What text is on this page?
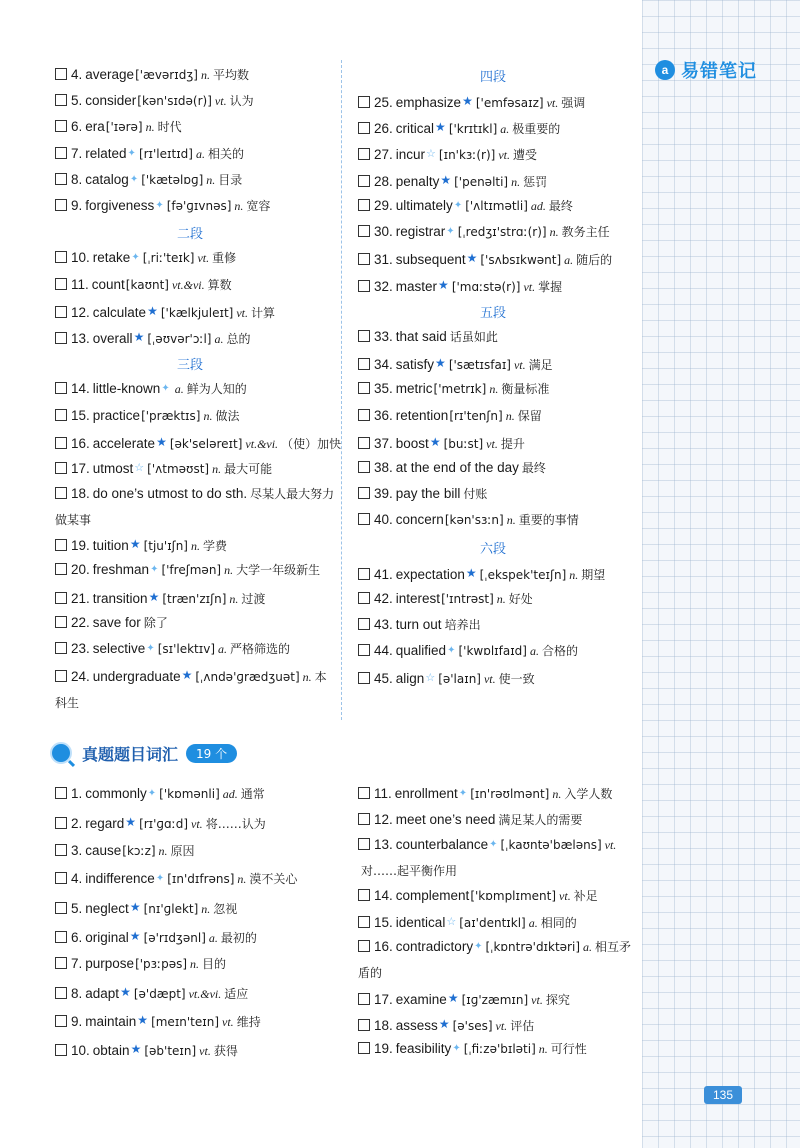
a 易错笔记
4. average['ævərɪdʒ] n. 平均数
5. consider[kən'sɪdə(r)] vt. 认为
6. era['ɪərə] n. 时代
7. related✦ [rɪ'leɪtɪd] a. 相关的
8. catalog✦ ['kætəlɒɡ] n. 目录
9. forgiveness✦ [fə'ɡɪvnəs] n. 宽容
二段
10. retake✦ [ˌriː'teɪk] vt. 重修
11. count[kaʊnt] vt.&vi. 算数
12. calculate★ ['kælkjuleɪt] vt. 计算
13. overall★ [ˌəʊvər'ɔːl] a. 总的
三段
14. little-known✦ a. 鲜为人知的
15. practice['præktɪs] n. 做法
16. accelerate★ [ək'seləreɪt] vt.&vi. （使）加快
17. utmost☆ ['ʌtməʊst] n. 最大可能
18. do one’s utmost to do sth. 尽某人最大努力做某事
19. tuition★ [tju'ɪʃn] n. 学费
20. freshman✦ ['freʃmən] n. 大学一年级新生
21. transition★ [træn'zɪʃn] n. 过渡
22. save for 除了
23. selective✦ [sɪ'lektɪv] a. 严格筛选的
24. undergraduate★ [ˌʌndə'ɡrædʒuət] n. 本科生
四段
25. emphasize★ ['emfəsaɪz] vt. 强调
26. critical★ ['krɪtɪkl] a. 极重要的
27. incur☆ [ɪn'kɜː(r)] vt. 遭受
28. penalty★ ['penəlti] n. 惩罚
29. ultimately✦ ['ʌltɪmətli] ad. 最终
30. registrar✦ [ˌredʒɪ'strɑː(r)] n. 教务主任
31. subsequent★ ['sʌbsɪkwənt] a. 随后的
32. master★ ['mɑːstə(r)] vt. 掌握
五段
33. that said 话虽如此
34. satisfy★ ['sætɪsfaɪ] vt. 满足
35. metric['metrɪk] n. 衡量标准
36. retention[rɪ'tenʃn] n. 保留
37. boost★ [buːst] vt. 提升
38. at the end of the day 最终
39. pay the bill 付账
40. concern[kən'sɜːn] n. 重要的事情
六段
41. expectation★ [ˌekspek'teɪʃn] n. 期望
42. interest['ɪntrəst] n. 好处
43. turn out 培养出
44. qualified✦ ['kwɒlɪfaɪd] a. 合格的
45. align☆ [ə'laɪn] vt. 使一致
真题题目词汇	19 个
1. commonly✦ ['kɒmənli] ad. 通常
2. regard★ [rɪ'ɡɑːd] vt. 将……认为
3. cause[kɔːz] n. 原因
4. indifference✦ [ɪn'dɪfrəns] n. 漠不关心
5. neglect★ [nɪ'ɡlekt] n. 忽视
6. original★ [ə'rɪdʒənl] a. 最初的
7. purpose['pɜːpəs] n. 目的
8. adapt★ [ə'dæpt] vt.&vi. 适应
9. maintain★ [meɪn'teɪn] vt. 维持
10. obtain★ [əb'teɪn] vt. 获得
11. enrollment✦ [ɪn'rəʊlmənt] n. 入学人数
12. meet one’s need 满足某人的需要
13. counterbalance✦ [ˌkaʊntə'bæləns] vt.对……起平衡作用
14. complement['kɒmplɪment] vt. 补足
15. identical☆ [aɪ'dentɪkl] a. 相同的
16. contradictory✦ [ˌkɒntrə'dɪktəri] a. 相互矛盾的
17. examine★ [ɪɡ'zæmɪn] vt. 探究
18. assess★ [ə'ses] vt. 评估
19. feasibility✦ [ˌfiːzə'bɪləti] n. 可行性
135
